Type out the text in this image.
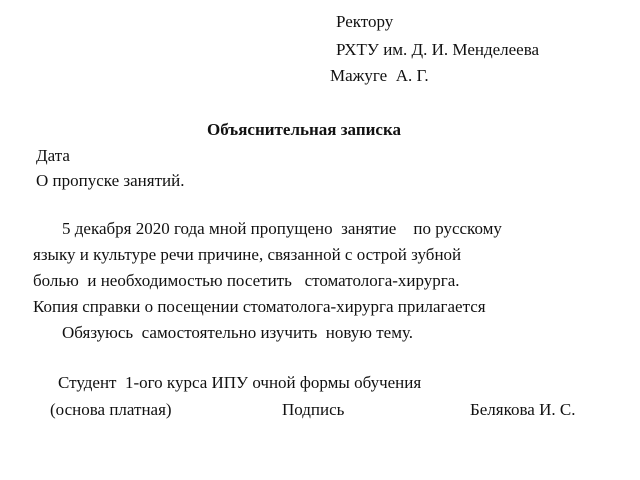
Ректору
РХТУ им. Д. И. Менделеева
Мажуге  А. Г.
Объяснительная записка
Дата
О пропуске занятий.
5 декабря 2020 года мной пропущено  занятие    по русскому
языку и культуре речи причине, связанной с острой зубной
болью  и необходимостью посетить   стоматолога-хирурга.
Копия справки о посещении стоматолога-хирурга прилагается
Обязуюсь  самостоятельно изучить  новую тему.
Студент  1-ого курса ИПУ очной формы обучения
(основа платная)	Подпись	Белякова И. С.
